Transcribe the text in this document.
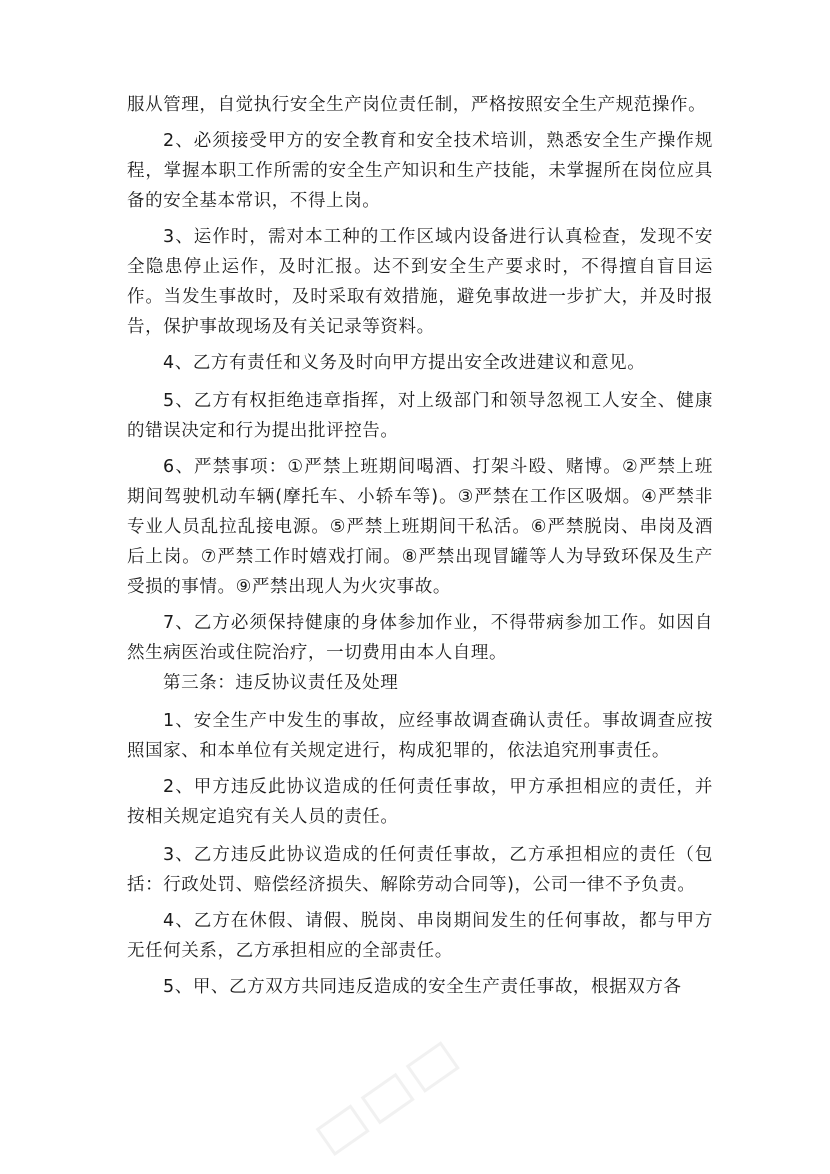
服从管理，自觉执行安全生产岗位责任制，严格按照安全生产规范操作。

2、必须接受甲方的安全教育和安全技术培训，熟悉安全生产操作规程，掌握本职工作所需的安全生产知识和生产技能，未掌握所在岗位应具备的安全基本常识，不得上岗。

3、运作时，需对本工种的工作区域内设备进行认真检查，发现不安全隐患停止运作，及时汇报。达不到安全生产要求时，不得擅自盲目运作。当发生事故时，及时采取有效措施，避免事故进一步扩大，并及时报告，保护事故现场及有关记录等资料。

4、乙方有责任和义务及时向甲方提出安全改进建议和意见。

5、乙方有权拒绝违章指挥，对上级部门和领导忽视工人安全、健康的错误决定和行为提出批评控告。

6、严禁事项：①严禁上班期间喝酒、打架斗殴、赌博。②严禁上班期间驾驶机动车辆(摩托车、小轿车等)。③严禁在工作区吸烟。④严禁非专业人员乱拉乱接电源。⑤严禁上班期间干私活。⑥严禁脱岗、串岗及酒后上岗。⑦严禁工作时嬉戏打闹。⑧严禁出现冒罐等人为导致环保及生产受损的事情。⑨严禁出现人为火灾事故。

7、乙方必须保持健康的身体参加作业，不得带病参加工作。如因自然生病医治或住院治疗，一切费用由本人自理。

第三条：违反协议责任及处理

1、安全生产中发生的事故，应经事故调查确认责任。事故调查应按照国家、和本单位有关规定进行，构成犯罪的，依法追究刑事责任。

2、甲方违反此协议造成的任何责任事故，甲方承担相应的责任，并按相关规定追究有关人员的责任。

3、乙方违反此协议造成的任何责任事故，乙方承担相应的责任（包括：行政处罚、赔偿经济损失、解除劳动合同等)，公司一律不予负责。

4、乙方在休假、请假、脱岗、串岗期间发生的任何事故，都与甲方无任何关系，乙方承担相应的全部责任。

5、甲、乙方双方共同违反造成的安全生产责任事故，根据双方各
